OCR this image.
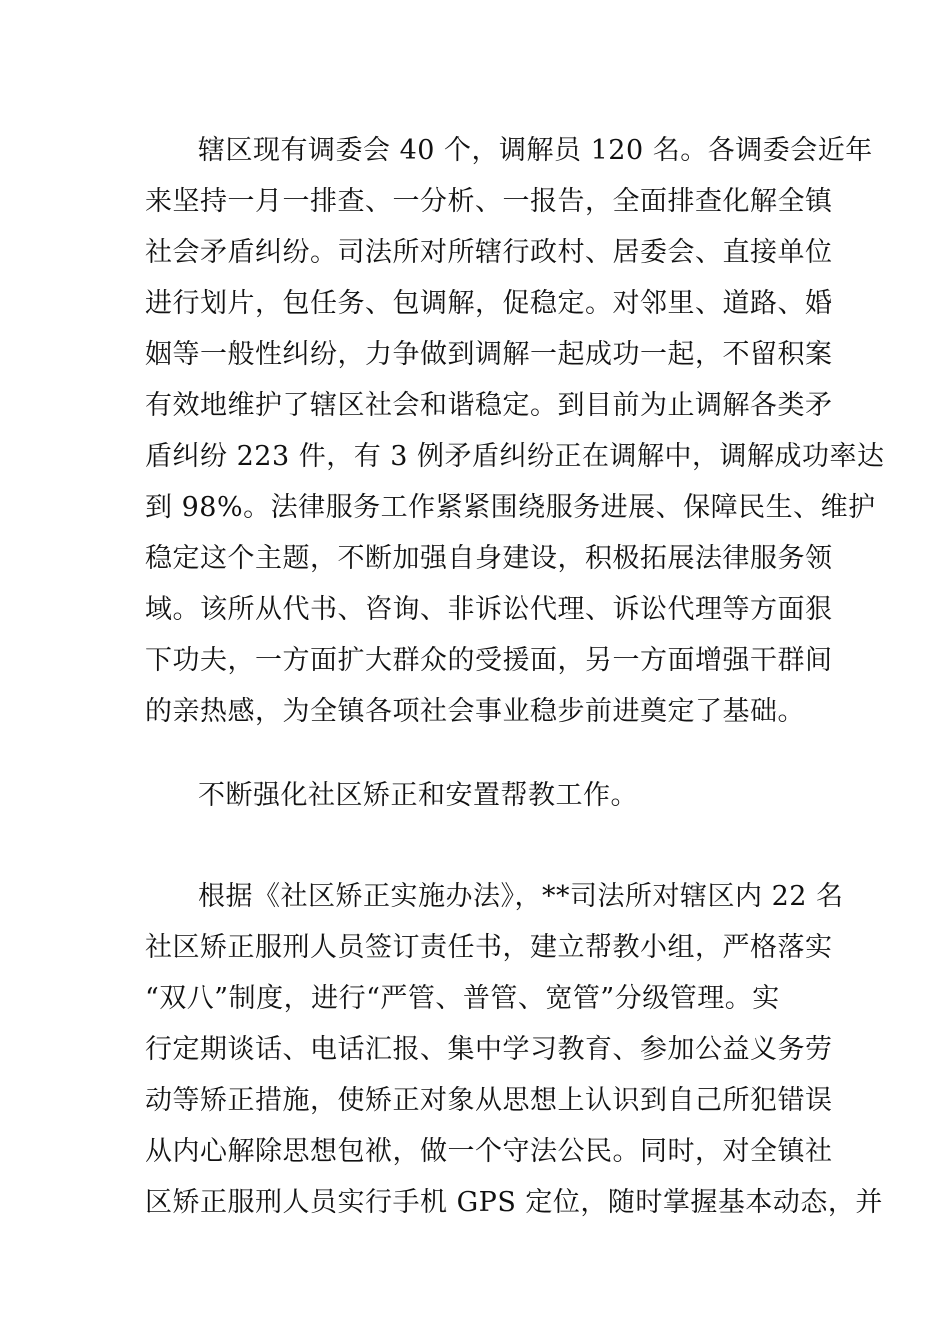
辖区现有调委会 40 个，调解员 120 名。各调委会近年
来坚持一月一排查、一分析、一报告，全面排查化解全镇
社会矛盾纠纷。司法所对所辖行政村、居委会、直接单位
进行划片，包任务、包调解，促稳定。对邻里、道路、婚
姻等一般性纠纷，力争做到调解一起成功一起，不留积案
有效地维护了辖区社会和谐稳定。到目前为止调解各类矛
盾纠纷 223 件，有 3 例矛盾纠纷正在调解中，调解成功率达
到 98%。法律服务工作紧紧围绕服务进展、保障民生、维护
稳定这个主题，不断加强自身建设，积极拓展法律服务领
域。该所从代书、咨询、非诉讼代理、诉讼代理等方面狠
下功夫，一方面扩大群众的受援面，另一方面增强干群间
的亲热感，为全镇各项社会事业稳步前进奠定了基础。
不断强化社区矫正和安置帮教工作。
根据《社区矫正实施办法》，**司法所对辖区内 22 名
社区矫正服刑人员签订责任书，建立帮教小组，严格落实
“双八”制度，进行“严管、普管、宽管”分级管理。实
行定期谈话、电话汇报、集中学习教育、参加公益义务劳
动等矫正措施，使矫正对象从思想上认识到自己所犯错误
从内心解除思想包袱，做一个守法公民。同时，对全镇社
区矫正服刑人员实行手机 GPS 定位，随时掌握基本动态，并
